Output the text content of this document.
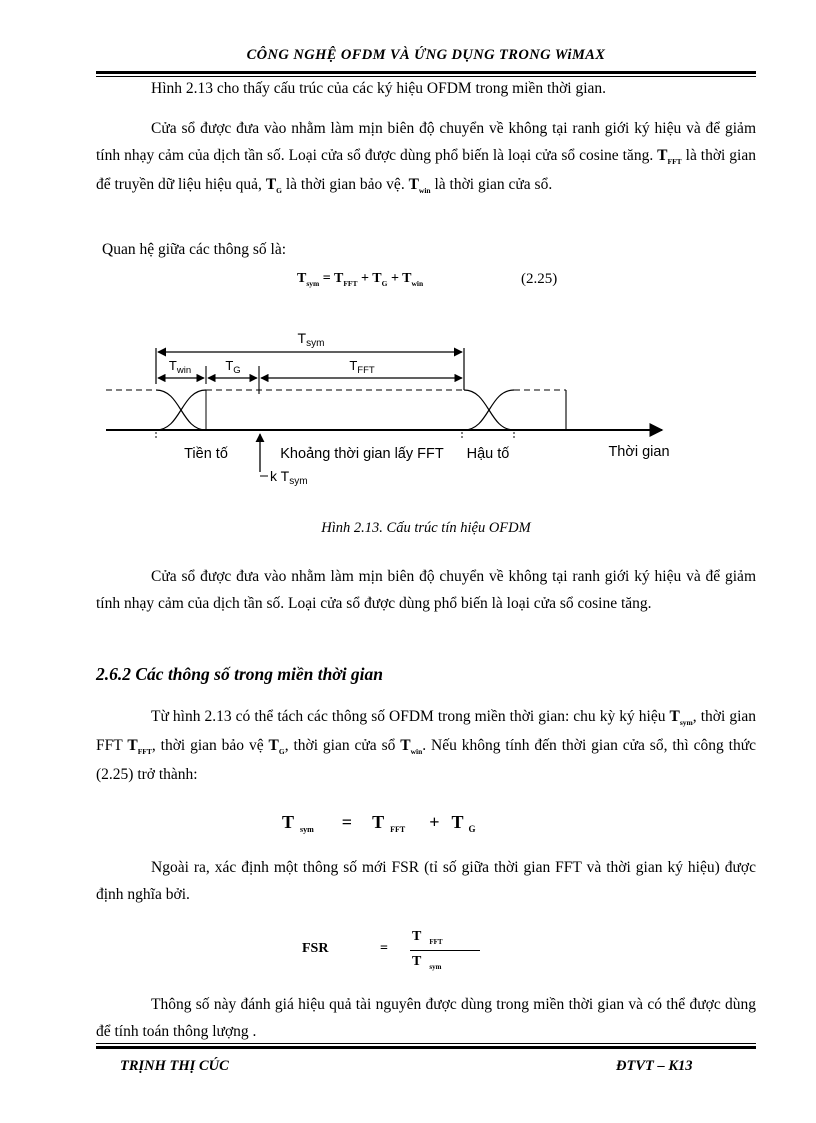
CÔNG NGHỆ OFDM VÀ ỨNG DỤNG TRONG WiMAX
Hình 2.13 cho thấy cấu trúc của các ký hiệu OFDM trong miền thời gian.
Cửa sổ được đưa vào nhằm làm mịn biên độ chuyển về không tại ranh giới ký hiệu và để giảm tính nhạy cảm của dịch tần số. Loại cửa sổ được dùng phổ biến là loại cửa sổ cosine tăng. $T_{FFT}$ là thời gian để truyền dữ liệu hiệu quả, $T_G$ là thời gian bảo vệ. $T_{win}$ là thời gian cửa sổ.
Quan hệ giữa các thông số là:
$T_{sym} = T_{FFT} + T_G + T_{win}$	(2.25)
$T_{sym}$
$T_{win}$	$T_G$	$T_{FFT}$
Tiền tố	Khoảng thời gian lấy FFT Hậu tố	Thời gian
k $T_{sym}$
Hình 2.13. Cấu trúc tín hiệu OFDM
Cửa sổ được đưa vào nhằm làm mịn biên độ chuyển về không tại ranh giới ký hiệu và để giảm tính nhạy cảm của dịch tần số. Loại cửa sổ được dùng phổ biến là loại cửa sổ cosine tăng.
2.6.2 Các thông số trong miền thời gian
Từ hình 2.13 có thể tách các thông số OFDM trong miền thời gian: chu kỳ ký hiệu $T_{sym}$, thời gian FFT $T_{FFT}$, thời gian bảo vệ $T_G$, thời gian cửa sổ $T_{win}$. Nếu không tính đến thời gian cửa sổ, thì công thức (2.25) trở thành:
T $_{sym}$ = T $_{FFT}$ + T $_G$
Ngoài ra, xác định một thông số mới FSR (tỉ số giữa thời gian FFT và thời gian ký hiệu) được định nghĩa bởi.
FSR	=
T $_{FFT}$
T $_{sym}$
Thông số này đánh giá hiệu quả tài nguyên được dùng trong miền thời gian và có thể được dùng để tính toán thông lượng .
TRỊNH THỊ CÚC	ĐTVT – K13
